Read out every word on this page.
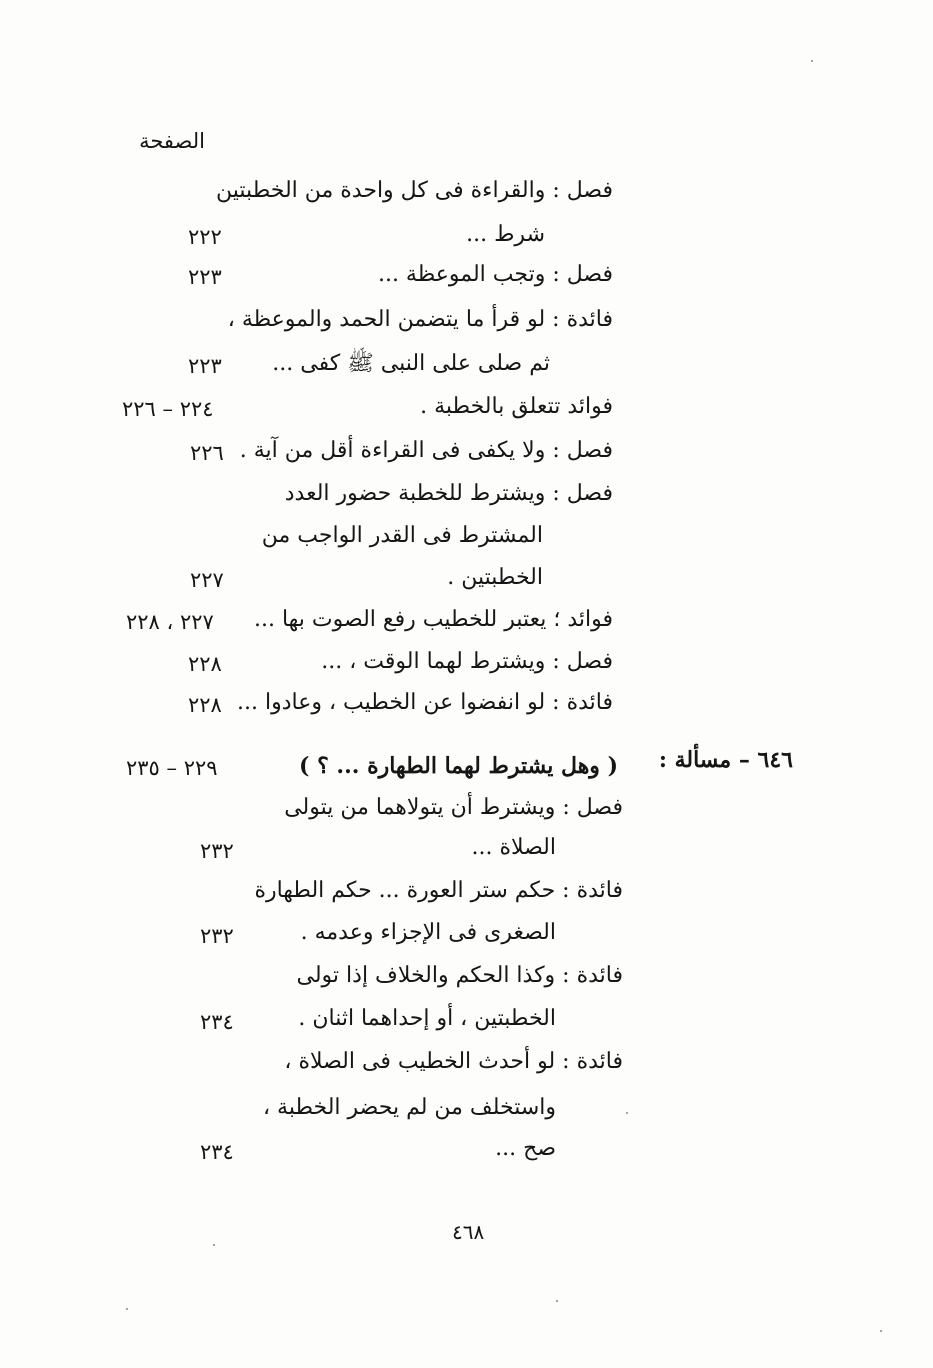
الصفحة
فصل : والقراءة فى كل واحدة من الخطبتين
شرط ...
٢٢٢
فصل : وتجب الموعظة ...
٢٢٣
فائدة : لو قرأ ما يتضمن الحمد والموعظة ،
ثم صلى على النبى ﷺ كفى ...
٢٢٣
فوائد تتعلق بالخطبة .
٢٢٤ – ٢٢٦
فصل : ولا يكفى فى القراءة أقل من آية .
٢٢٦
فصل : ويشترط للخطبة حضور العدد
المشترط فى القدر الواجب من
الخطبتين .
٢٢٧
فوائد ؛ يعتبر للخطيب رفع الصوت بها ...
٢٢٧ ، ٢٢٨
فصل : ويشترط لهما الوقت ، ...
٢٢٨
فائدة : لو انفضوا عن الخطيب ، وعادوا ...
٢٢٨
٦٤٦ – مسألة :
( وهل يشترط لهما الطهارة ... ؟ )
٢٢٩ – ٢٣٥
فصل : ويشترط أن يتولاهما من يتولى
الصلاة ...
٢٣٢
فائدة : حكم ستر العورة ... حكم الطهارة
الصغرى فى الإجزاء وعدمه .
٢٣٢
فائدة : وكذا الحكم والخلاف إذا تولى
الخطبتين ، أو إحداهما اثنان .
٢٣٤
فائدة : لو أحدث الخطيب فى الصلاة ،
واستخلف من لم يحضر الخطبة ،
صح ...
٢٣٤
٤٦٨
